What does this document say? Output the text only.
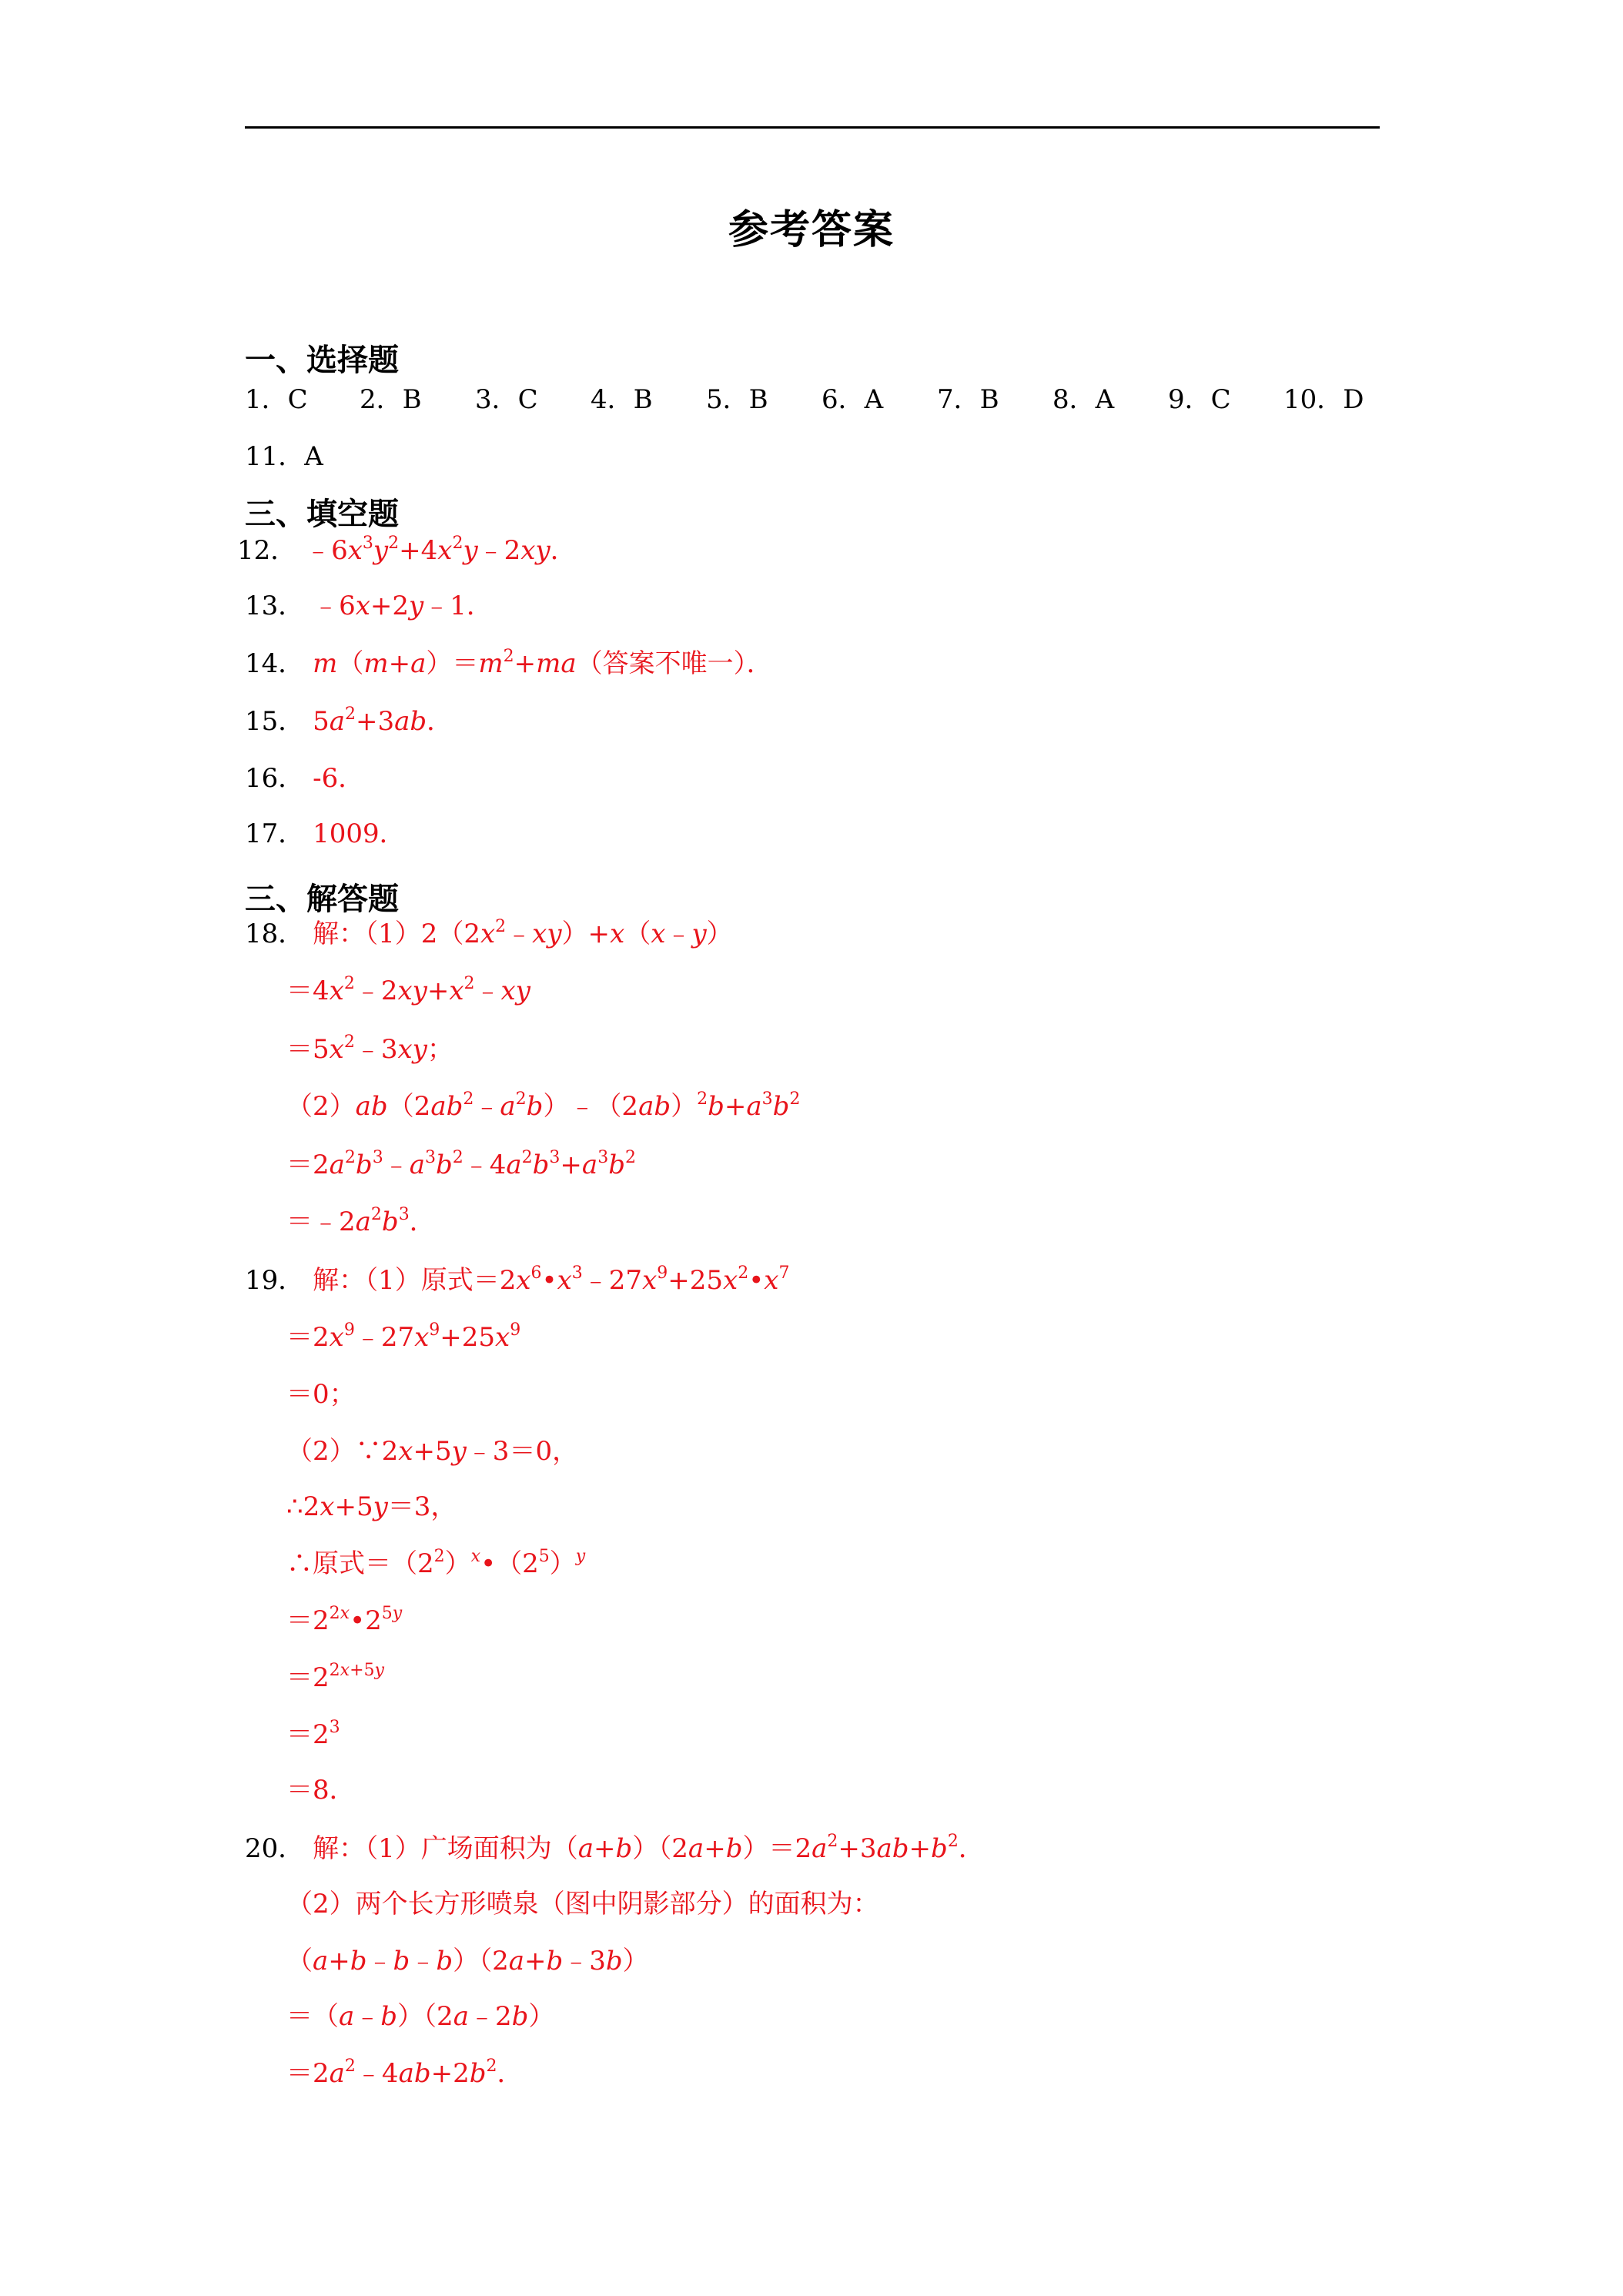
参考答案
一、选择题
1．C 2．B 3．C 4．B 5．B 6．A 7．B 8．A 9．C 10．D
11．A
三、填空题
12． $﹣6x^3y^2+4x^2y﹣2xy$．
13． ﹣6x+2y﹣1．
14． $m(m+a)=m^2+ma$（答案不唯一）．
15． $5a^2+3ab$．
16． -6．
17． 1009．
三、解答题
18． 解：$(1)2(2x^2﹣xy)+x(x﹣y)$
$=4x^2﹣2xy+x^2﹣xy$
$=5x^2﹣3xy$；
$(2)ab(2ab^2﹣a^2b)﹣(2ab)^2b+a^3b^2$
$=2a^2b^3﹣a^3b^2﹣4a^2b^3+a^3b^2$
$=﹣2a^2b^3$．
19． 解：（1）原式$=2x^6•x^3﹣27x^9+25x^2•x^7$
$=2x^9﹣27x^9+25x^9$
＝0；
（2）∵2x+5y﹣3＝0，
∴2x+5y＝3，
∴原式$=(2^2)^x•(2^5)^y$
$=2^{2x}•2^{5y}$
$=2^{2x+5y}$
$=2^3$
＝8．
20． 解：（1）广场面积为$(a+b)(2a+b)=2a^2+3ab+b^2$．
（2）两个长方形喷泉（图中阴影部分）的面积为：
（a+b﹣b﹣b）（2a+b﹣3b）
＝（a﹣b）（2a﹣2b）
$=2a^2﹣4ab+2b^2$．
